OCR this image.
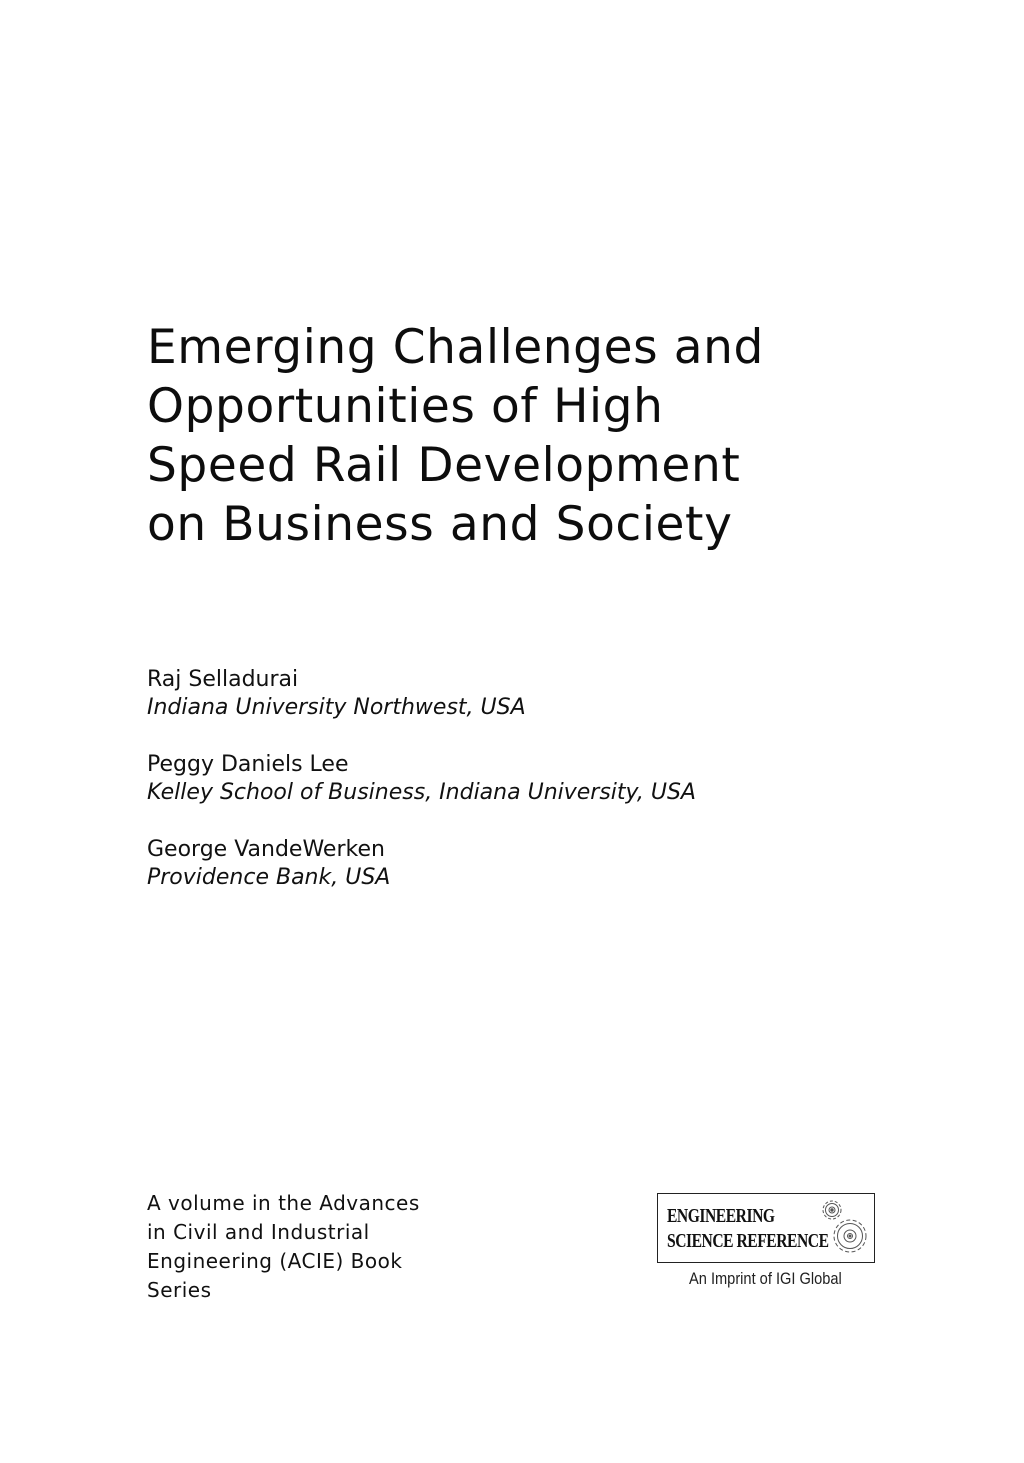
Emerging Challenges and
Opportunities of High
Speed Rail Development
on Business and Society
Raj Selladurai
Indiana University Northwest, USA
Peggy Daniels Lee
Kelley School of Business, Indiana University, USA
George VandeWerken
Providence Bank, USA
A volume in the Advances
in Civil and Industrial
Engineering (ACIE) Book
Series
ENGINEERING
SCIENCE REFERENCE
An Imprint of IGI Global
